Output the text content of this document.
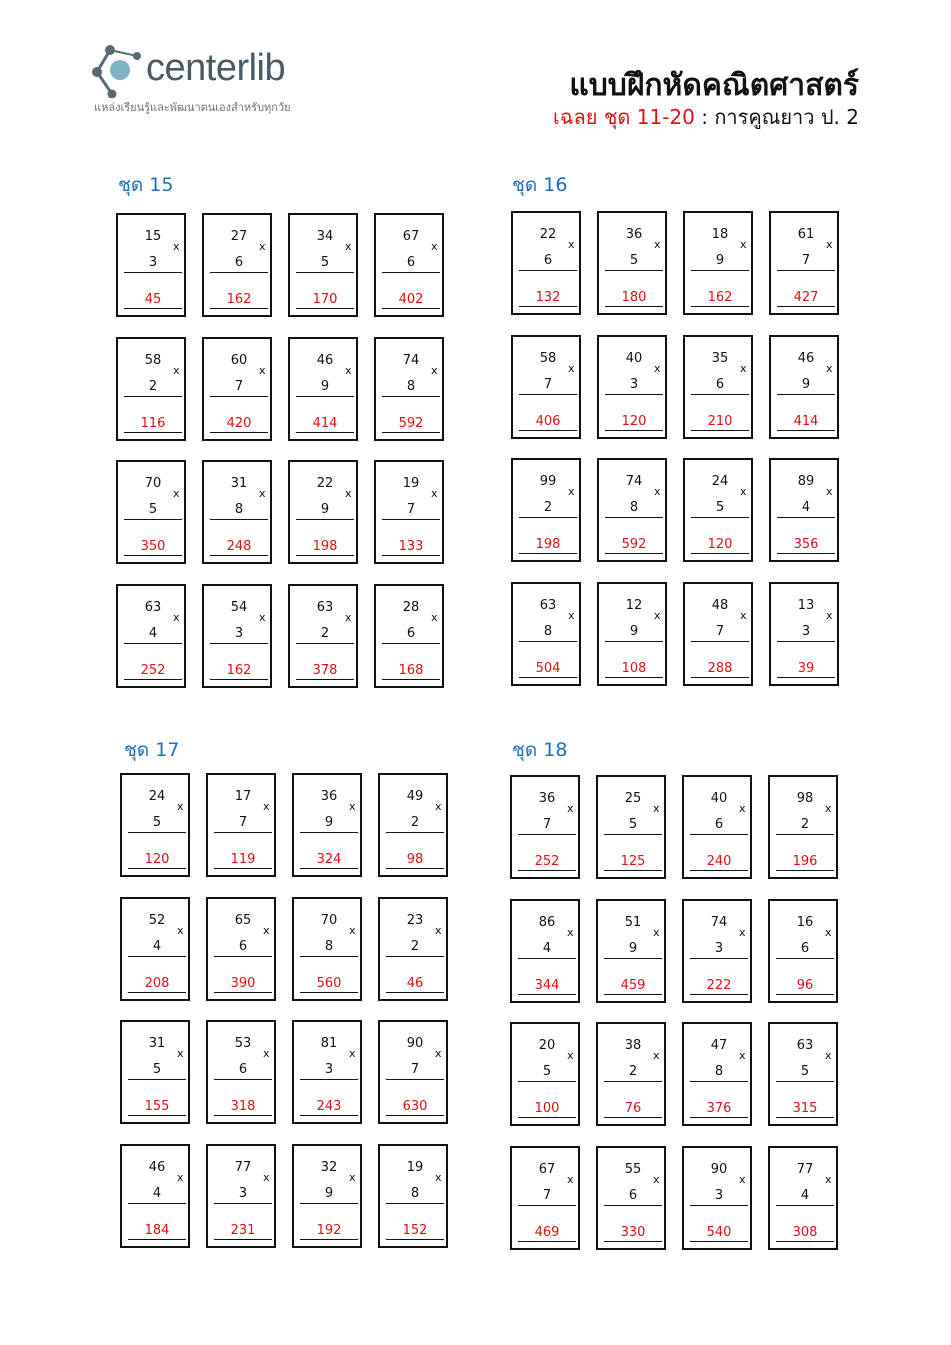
centerlib
แหล่งเรียนรู้และพัฒนาตนเองสำหรับทุกวัย
แบบฝึกหัดคณิตศาสตร์
เฉลย ชุด 11-20 : การคูณยาว ป. 2
ชุด 15	ชุด 16
ชุด 17	ชุด 18
15
x
3
45
27
x
6
162
34
x
5
170
67
x
6
402
58
x
2
116
60
x
7
420
46
x
9
414
74
x
8
592
70
x
5
350
31
x
8
248
22
x
9
198
19
x
7
133
63
x
4
252
54
x
3
162
63
x
2
378
28
x
6
168
22
x
6
132
36
x
5
180
18
x
9
162
61
x
7
427
58
x
7
406
40
x
3
120
35
x
6
210
46
x
9
414
99
x
2
198
74
x
8
592
24
x
5
120
89
x
4
356
63
x
8
504
12
x
9
108
48
x
7
288
13
x
3
39
24
x
5
120
17
x
7
119
36
x
9
324
49
x
2
98
52
x
4
208
65
x
6
390
70
x
8
560
23
x
2
46
31
x
5
155
53
x
6
318
81
x
3
243
90
x
7
630
46
x
4
184
77
x
3
231
32
x
9
192
19
x
8
152
36
x
7
252
25
x
5
125
40
x
6
240
98
x
2
196
86
x
4
344
51
x
9
459
74
x
3
222
16
x
6
96
20
x
5
100
38
x
2
76
47
x
8
376
63
x
5
315
67
x
7
469
55
x
6
330
90
x
3
540
77
x
4
308
